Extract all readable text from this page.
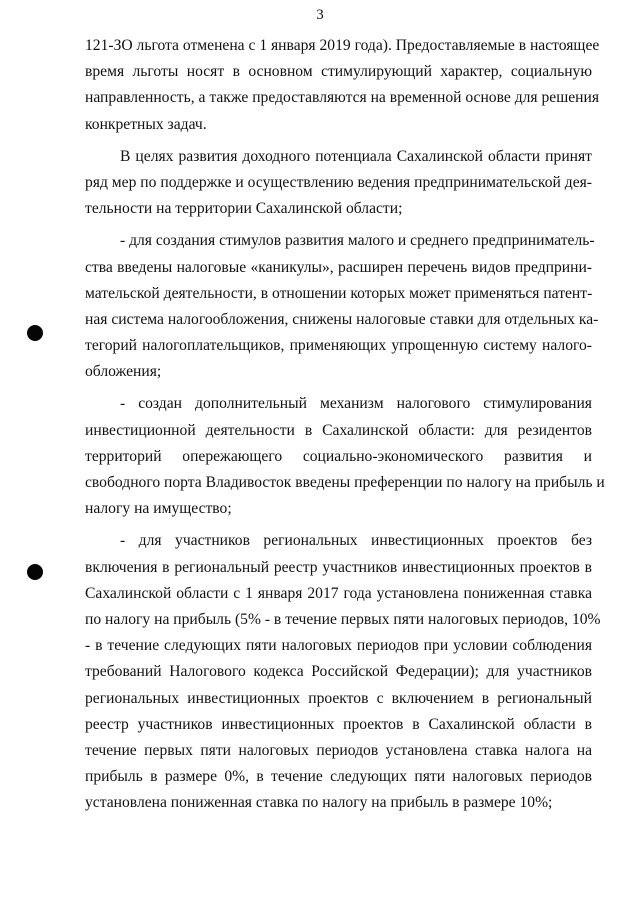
3
121-ЗО льгота отменена с 1 января 2019 года). Предоставляемые в настоящее
время льготы носят в основном стимулирующий характер, социальную
направленность, а также предоставляются на временной основе для решения
конкретных задач.
В целях развития доходного потенциала Сахалинской области принят
ряд мер по поддержке и осуществлению ведения предпринимательской дея-
тельности на территории Сахалинской области;
- для создания стимулов развития малого и среднего предприниматель-
ства введены налоговые «каникулы», расширен перечень видов предприни-
мательской деятельности, в отношении которых может применяться патент-
ная система налогообложения, снижены налоговые ставки для отдельных ка-
тегорий налогоплательщиков, применяющих упрощенную систему налого-
обложения;
- создан дополнительный механизм налогового стимулирования
инвестиционной деятельности в Сахалинской области: для резидентов
территорий опережающего социально-экономического развития и
свободного порта Владивосток введены преференции по налогу на прибыль и
налогу на имущество;
- для участников региональных инвестиционных проектов без
включения в региональный реестр участников инвестиционных проектов в
Сахалинской области с 1 января 2017 года установлена пониженная ставка
по налогу на прибыль (5% - в течение первых пяти налоговых периодов, 10%
- в течение следующих пяти налоговых периодов при условии соблюдения
требований Налогового кодекса Российской Федерации); для участников
региональных инвестиционных проектов с включением в региональный
реестр участников инвестиционных проектов в Сахалинской области в
течение первых пяти налоговых периодов установлена ставка налога на
прибыль в размере 0%, в течение следующих пяти налоговых периодов
установлена пониженная ставка по налогу на прибыль в размере 10%;
